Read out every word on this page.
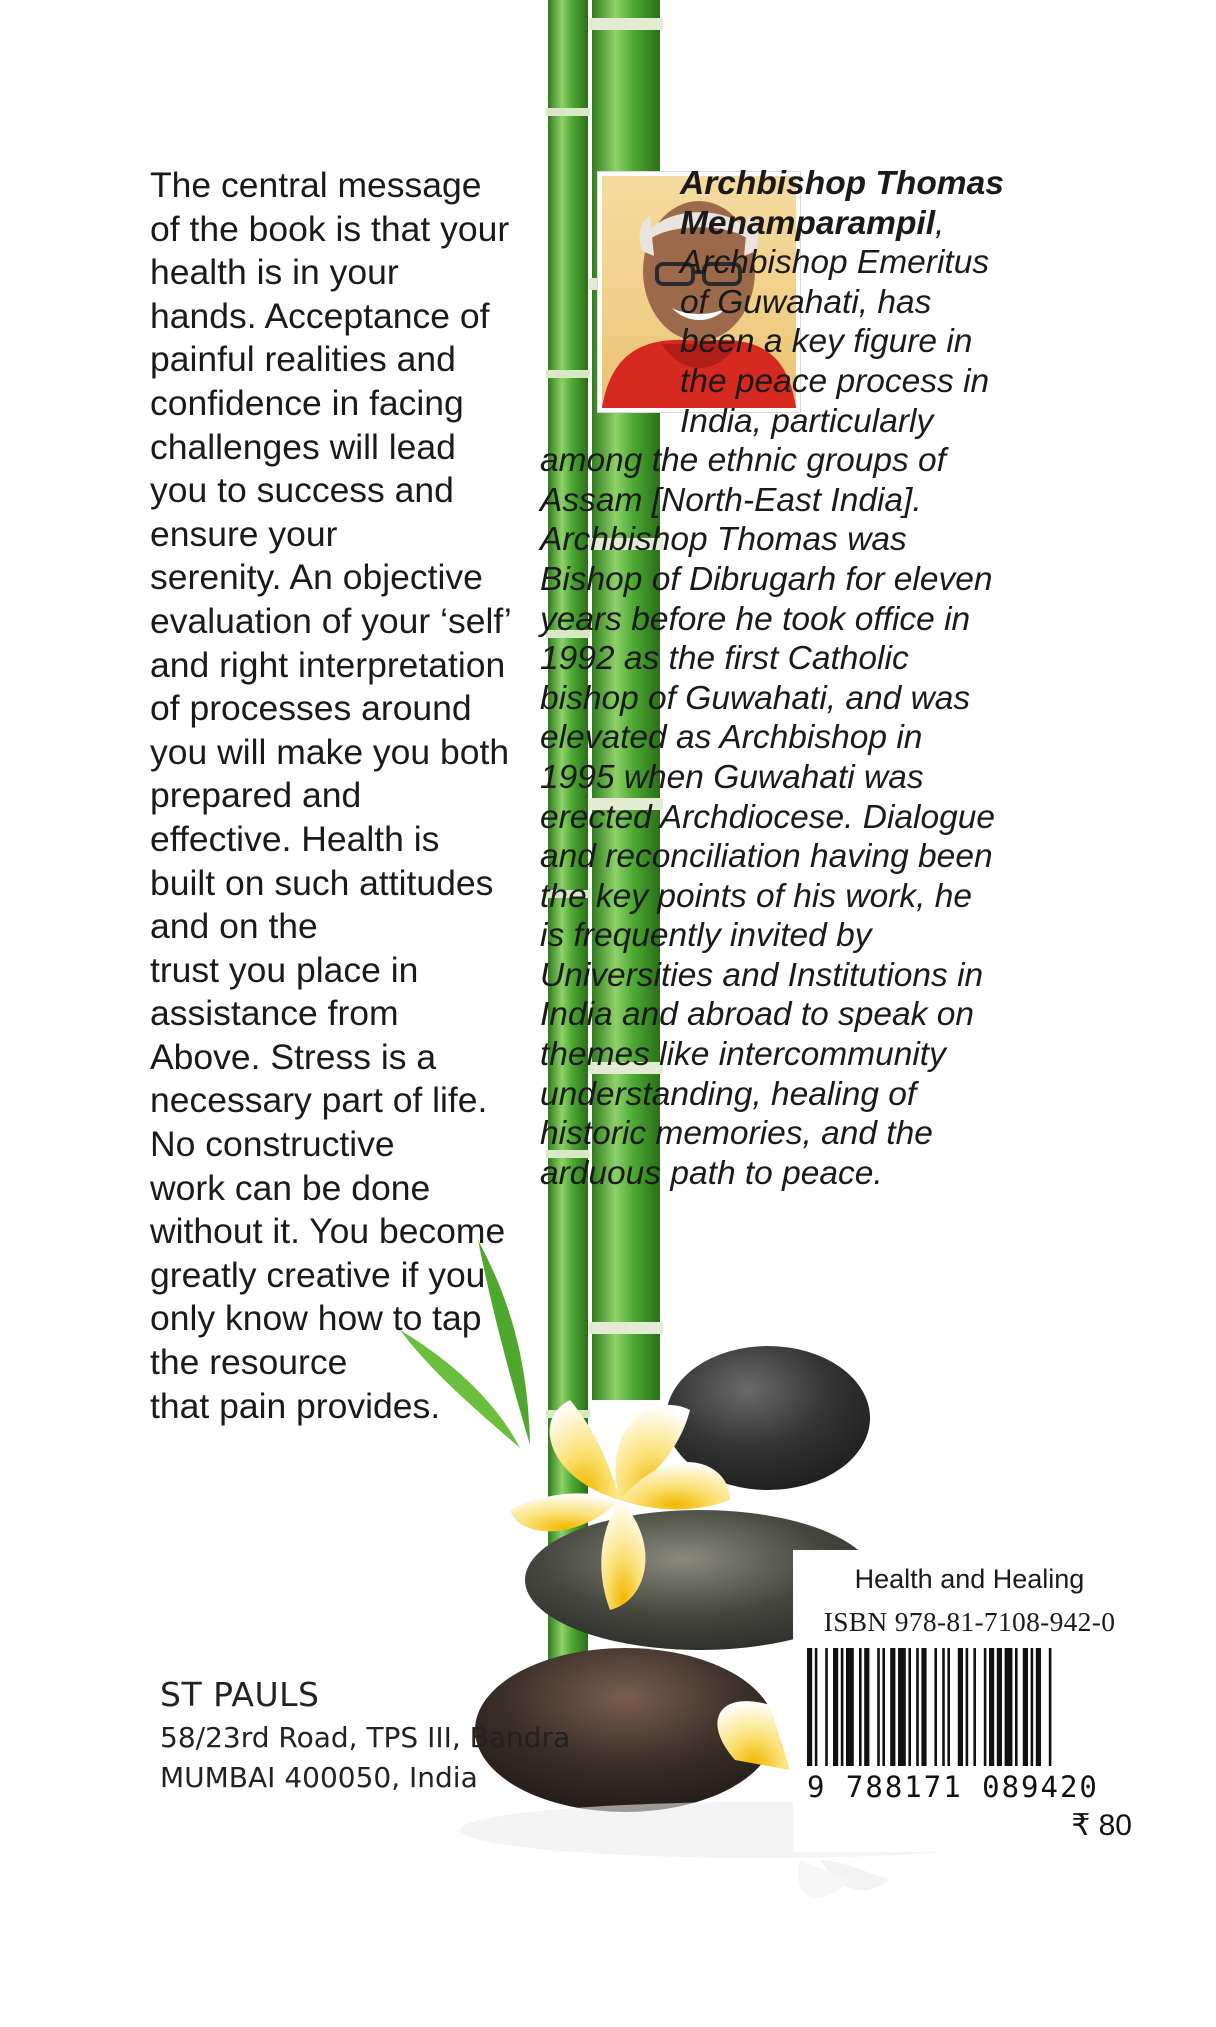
The central message
of the book is that your
health is in your
hands. Acceptance of
painful realities and
confidence in facing
challenges will lead
you to success and
ensure your
serenity. An objective
evaluation of your ‘self’
and right interpretation
of processes around
you will make you both
prepared and
effective. Health is
built on such attitudes
and on the
trust you place in
assistance from
Above. Stress is a
necessary part of life.
No constructive
work can be done
without it. You become
greatly creative if you
only know how to tap
the resource
that pain provides.
Archbishop Thomas
Menamparampil,
Archbishop Emeritus
of Guwahati, has
been a key figure in
the peace process in
India, particularly
among the ethnic groups of
Assam [North-East India].
Archbishop Thomas was
Bishop of Dibrugarh for eleven
years before he took office in
1992 as the first Catholic
bishop of Guwahati, and was
elevated as Archbishop in
1995 when Guwahati was
erected Archdiocese. Dialogue
and reconciliation having been
the key points of his work, he
is frequently invited by
Universities and Institutions in
India and abroad to speak on
themes like intercommunity
understanding, healing of
historic memories, and the
arduous path to peace.
ST PAULS
58/23rd Road, TPS III, Bandra
MUMBAI 400050, India
Health and Healing
ISBN 978-81-7108-942-0
9 788171 089420
₹ 80
